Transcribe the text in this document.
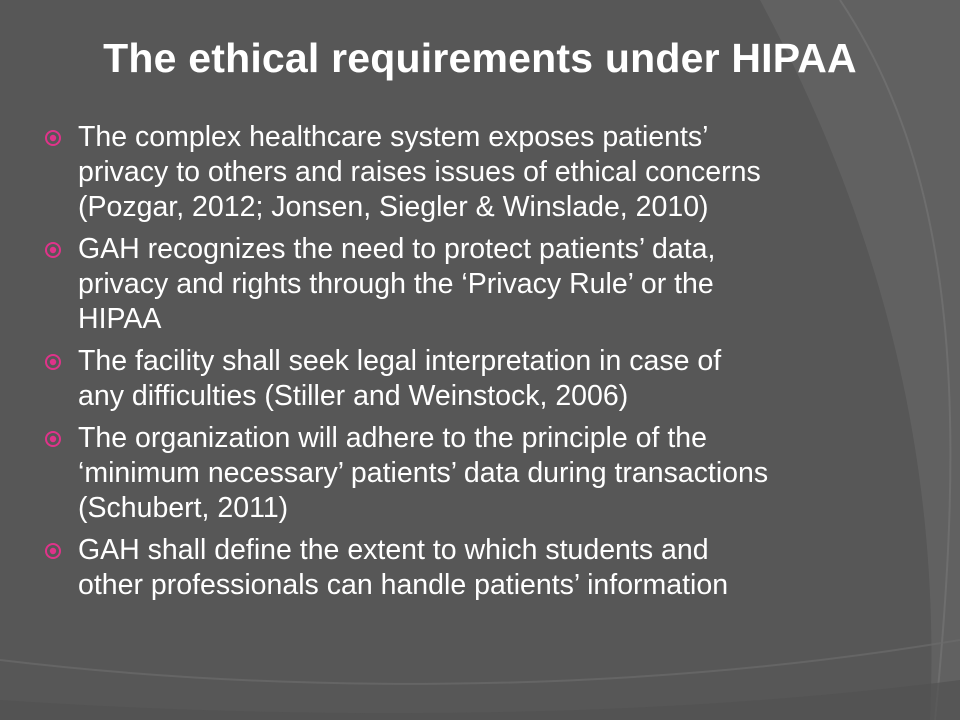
The ethical requirements under HIPAA
The complex healthcare system exposes patients’
privacy to others and raises issues of ethical concerns
(Pozgar, 2012; Jonsen, Siegler & Winslade, 2010)
GAH recognizes the need to protect patients’ data,
privacy and rights through the ‘Privacy Rule’ or the
HIPAA
The facility shall seek legal interpretation in case of
any difficulties (Stiller and Weinstock, 2006)
The organization will adhere to the principle of the
‘minimum necessary’ patients’ data during transactions
(Schubert, 2011)
GAH shall define the extent to which students and
other professionals can handle patients’ information
